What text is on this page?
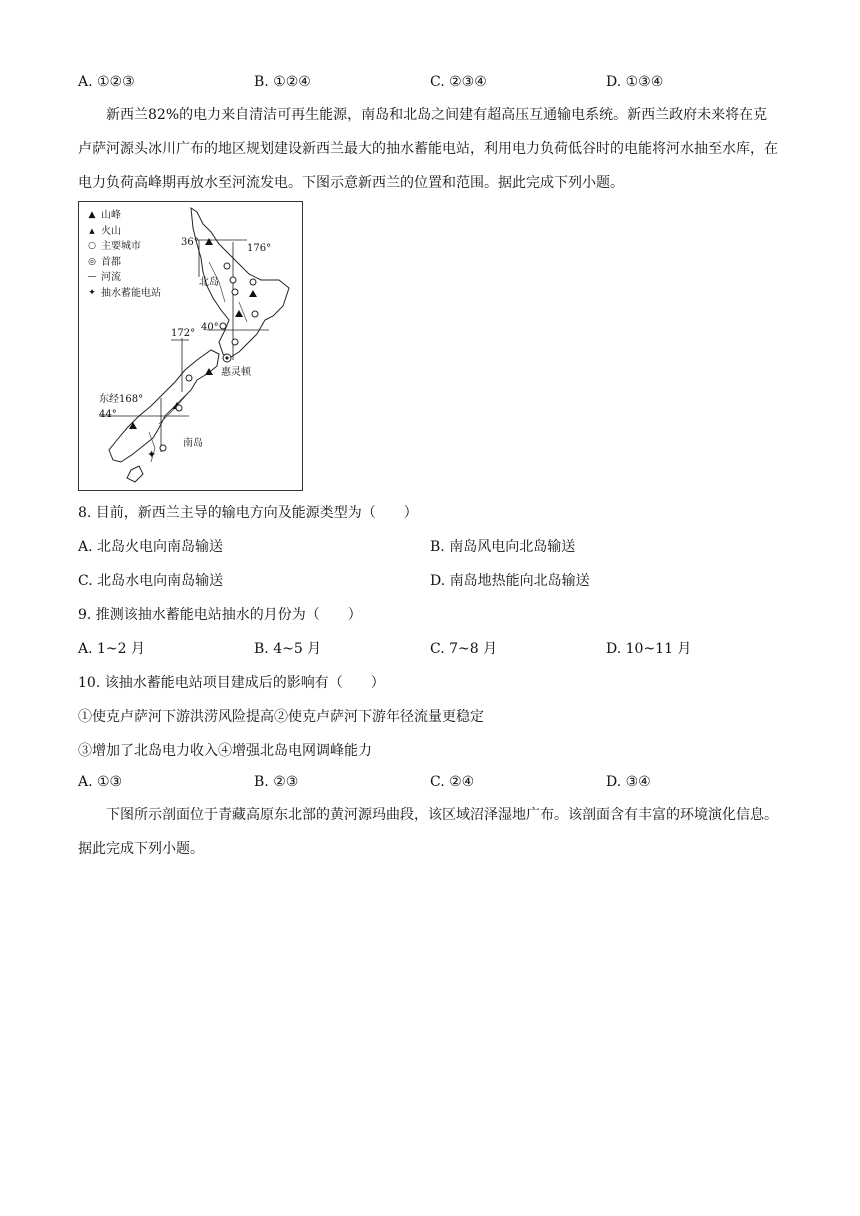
A. ①②③	B. ①②④	C. ②③④	D. ①③④
新西兰82%的电力来自清洁可再生能源，南岛和北岛之间建有超高压互通输电系统。新西兰政府未来将在克卢萨河源头冰川广布的地区规划建设新西兰最大的抽水蓄能电站，利用电力负荷低谷时的电能将河水抽至水库，在电力负荷高峰期再放水至河流发电。下图示意新西兰的位置和范围。据此完成下列小题。
▲ 山峰
▲ 火山
○ 主要城市
◎ 首都
— 河流
✦ 抽水蓄能电站
✦
36°
176°
北岛
172°
40°
惠灵顿
东经168°
44°
南岛
8. 目前，新西兰主导的输电方向及能源类型为（　　）
A. 北岛火电向南岛输送	B. 南岛风电向北岛输送
C. 北岛水电向南岛输送	D. 南岛地热能向北岛输送
9. 推测该抽水蓄能电站抽水的月份为（　　）
A. 1~2 月	B. 4~5 月	C. 7~8 月	D. 10~11 月
10. 该抽水蓄能电站项目建成后的影响有（　　）
①使克卢萨河下游洪涝风险提高②使克卢萨河下游年径流量更稳定
③增加了北岛电力收入④增强北岛电网调峰能力
A. ①③	B. ②③	C. ②④	D. ③④
下图所示剖面位于青藏高原东北部的黄河源玛曲段，该区域沼泽湿地广布。该剖面含有丰富的环境演化信息。据此完成下列小题。
